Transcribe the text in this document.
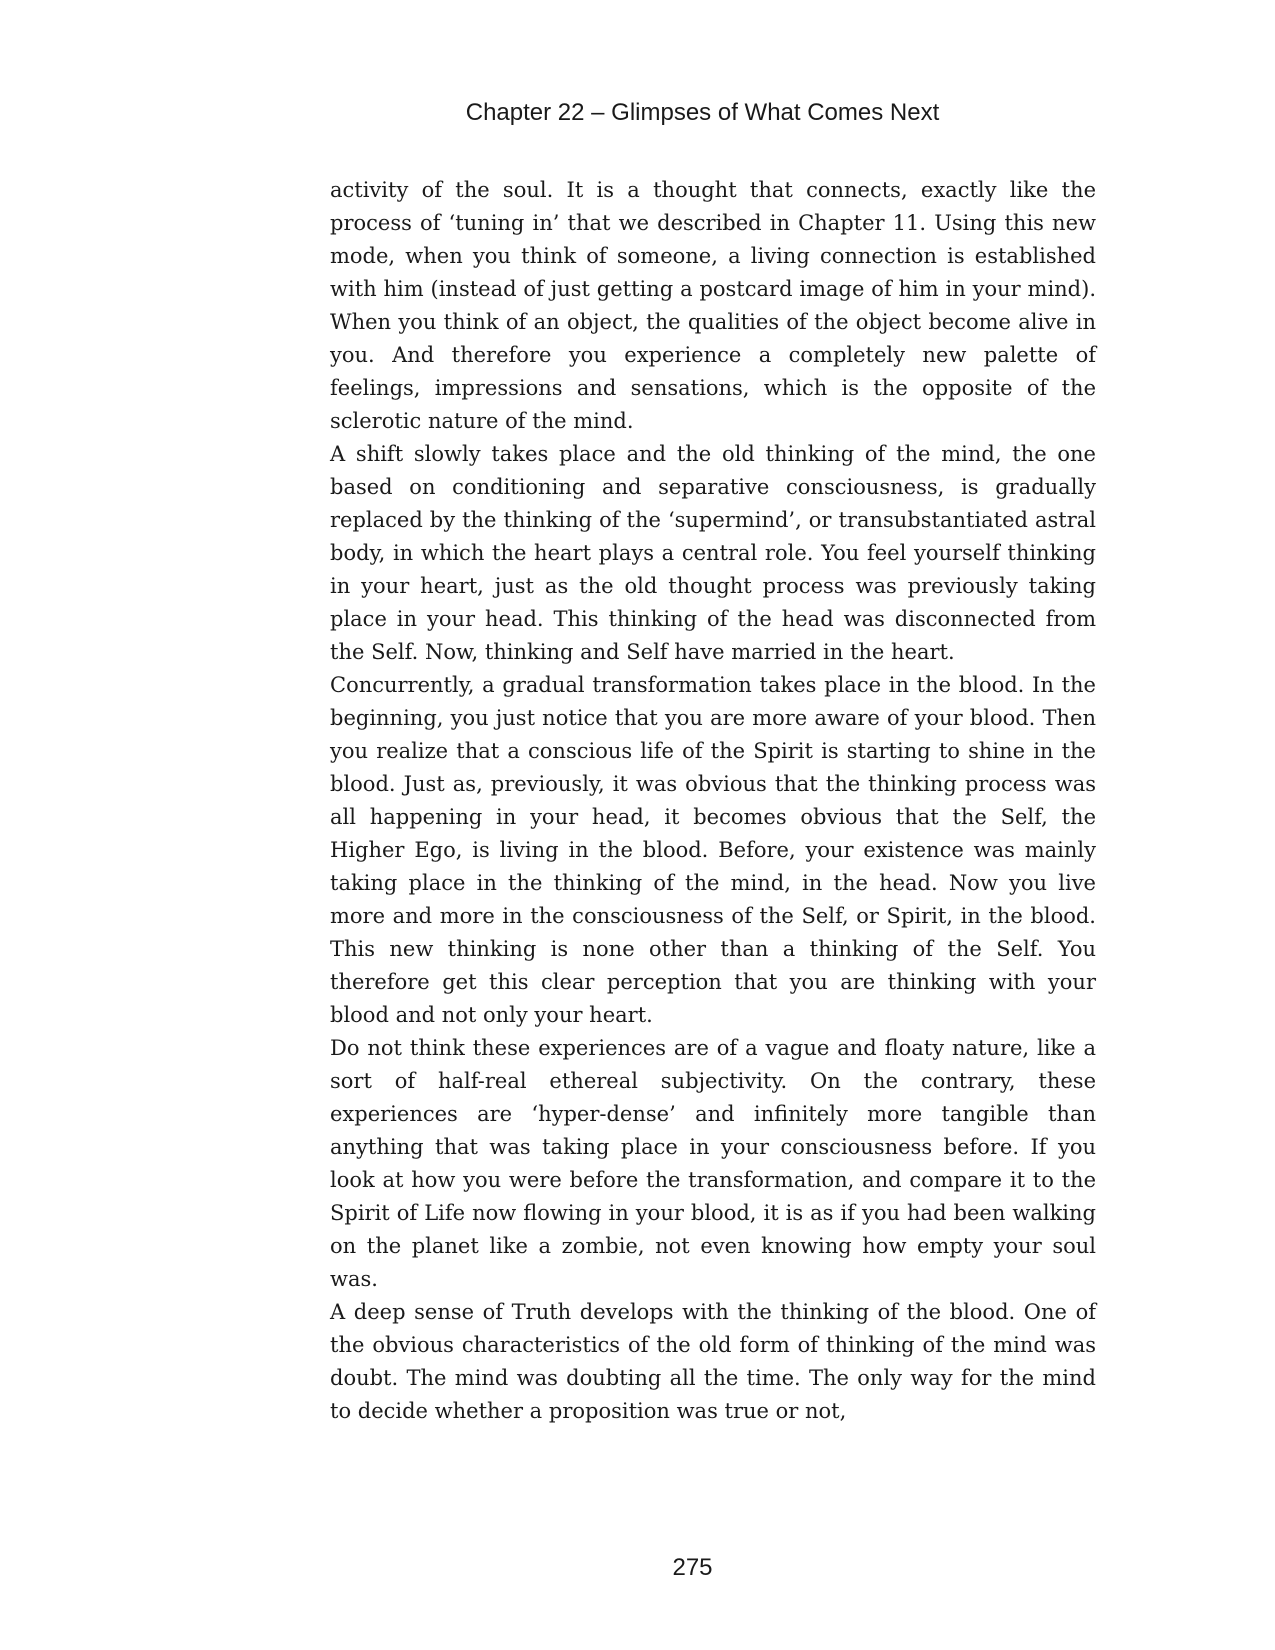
Chapter 22 – Glimpses of What Comes Next

activity of the soul. It is a thought that connects, exactly like the process of ‘tuning in’ that we described in Chapter 11. Using this new mode, when you think of someone, a living connection is established with him (instead of just getting a postcard image of him in your mind). When you think of an object, the qualities of the object become alive in you. And therefore you experience a completely new palette of feelings, impressions and sensations, which is the opposite of the sclerotic nature of the mind.

A shift slowly takes place and the old thinking of the mind, the one based on conditioning and separative consciousness, is gradually replaced by the thinking of the ‘supermind’, or transubstantiated astral body, in which the heart plays a central role. You feel yourself thinking in your heart, just as the old thought process was previously taking place in your head. This thinking of the head was disconnected from the Self. Now, thinking and Self have married in the heart.

Concurrently, a gradual transformation takes place in the blood. In the beginning, you just notice that you are more aware of your blood. Then you realize that a conscious life of the Spirit is starting to shine in the blood. Just as, previously, it was obvious that the thinking process was all happening in your head, it becomes obvious that the Self, the Higher Ego, is living in the blood. Before, your existence was mainly taking place in the thinking of the mind, in the head. Now you live more and more in the consciousness of the Self, or Spirit, in the blood. This new thinking is none other than a thinking of the Self. You therefore get this clear perception that you are thinking with your blood and not only your heart.

Do not think these experiences are of a vague and floaty nature, like a sort of half-real ethereal subjectivity. On the contrary, these experiences are ‘hyper-dense’ and infinitely more tangible than anything that was taking place in your consciousness before. If you look at how you were before the transformation, and compare it to the Spirit of Life now flowing in your blood, it is as if you had been walking on the planet like a zombie, not even knowing how empty your soul was.

A deep sense of Truth develops with the thinking of the blood. One of the obvious characteristics of the old form of thinking of the mind was doubt. The mind was doubting all the time. The only way for the mind to decide whether a proposition was true or not,

275
